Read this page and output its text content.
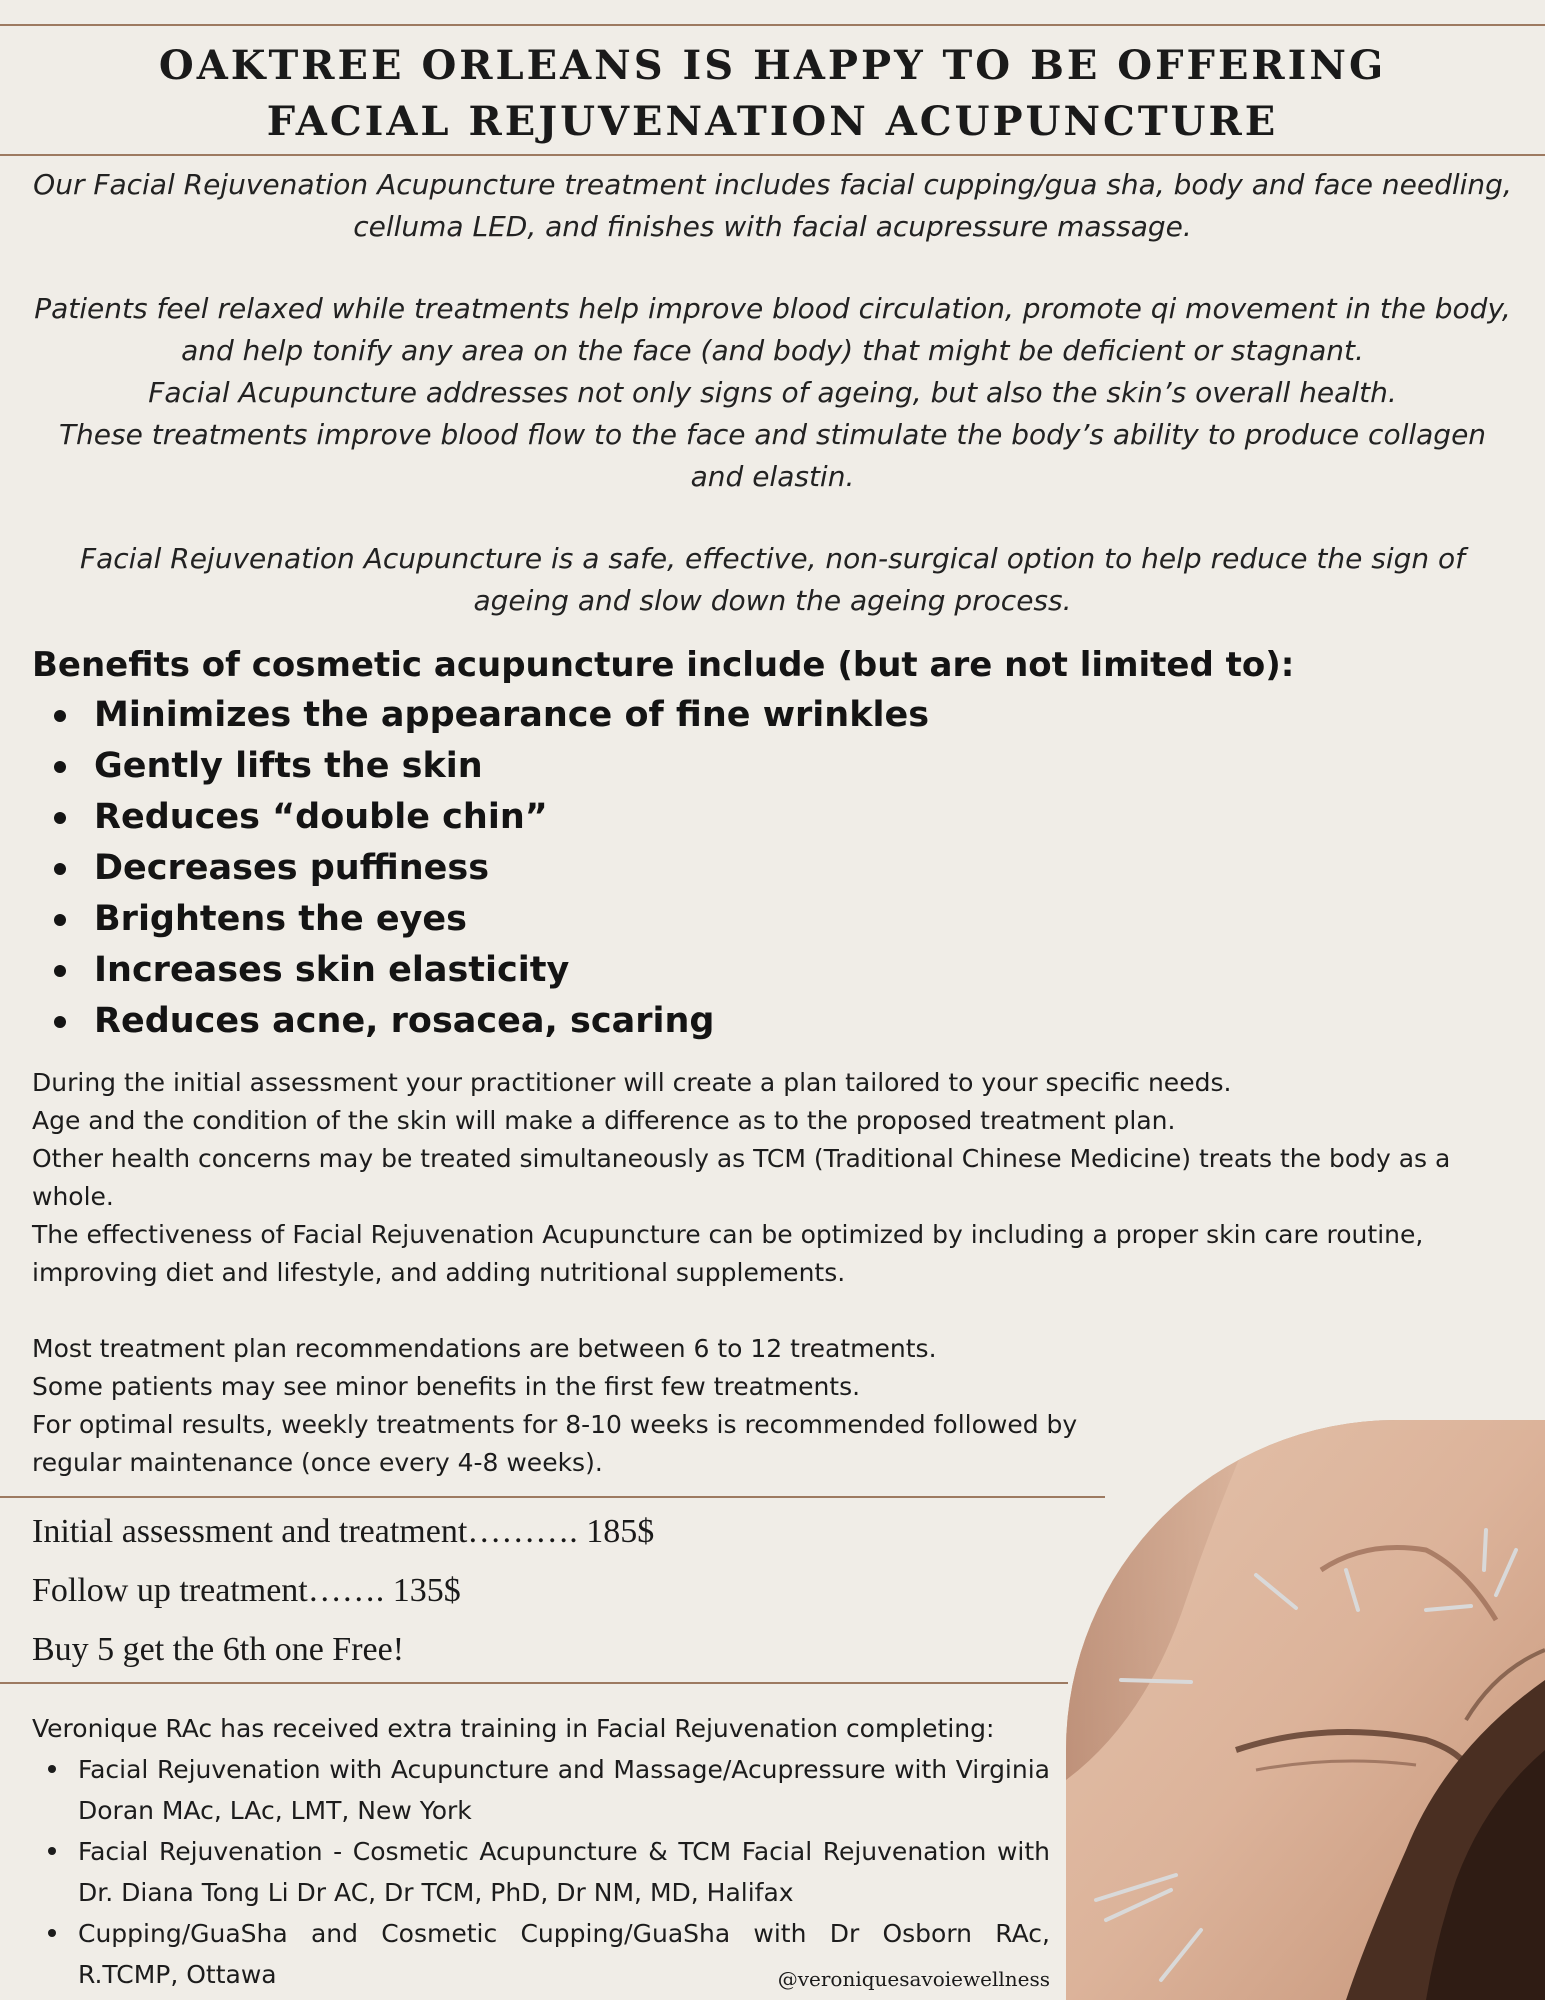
OAKTREE ORLEANS IS HAPPY TO BE OFFERING
FACIAL REJUVENATION ACUPUNCTURE

Our Facial Rejuvenation Acupuncture treatment includes facial cupping/gua sha, body and face needling, celluma LED, and finishes with facial acupressure massage.

Patients feel relaxed while treatments help improve blood circulation, promote qi movement in the body, and help tonify any area on the face (and body) that might be deficient or stagnant.
Facial Acupuncture addresses not only signs of ageing, but also the skin’s overall health.
These treatments improve blood flow to the face and stimulate the body’s ability to produce collagen and elastin.

Facial Rejuvenation Acupuncture is a safe, effective, non-surgical option to help reduce the sign of ageing and slow down the ageing process.

Benefits of cosmetic acupuncture include (but are not limited to):
Minimizes the appearance of fine wrinkles
Gently lifts the skin
Reduces “double chin”
Decreases puffiness
Brightens the eyes
Increases skin elasticity
Reduces acne, rosacea, scaring

During the initial assessment your practitioner will create a plan tailored to your specific needs.

Age and the condition of the skin will make a difference as to the proposed treatment plan.

Other health concerns may be treated simultaneously as TCM (Traditional Chinese Medicine) treats the body as a whole.

The effectiveness of Facial Rejuvenation Acupuncture can be optimized by including a proper skin care routine, improving diet and lifestyle, and adding nutritional supplements.

Most treatment plan recommendations are between 6 to 12 treatments.

Some patients may see minor benefits in the first few treatments.

For optimal results, weekly treatments for 8-10 weeks is recommended followed by

regular maintenance (once every 4-8 weeks).

Initial assessment and treatment………. 185$
Follow up treatment……. 135$
Buy 5 get the 6th one Free!

Veronique RAc has received extra training in Facial Rejuvenation completing:

Facial Rejuvenation with Acupuncture and Massage/Acupressure with Virginia Doran MAc, LAc, LMT, New York
Facial Rejuvenation - Cosmetic Acupuncture & TCM Facial Rejuvenation with Dr. Diana Tong Li Dr AC, Dr TCM, PhD, Dr NM, MD, Halifax
Cupping/GuaSha and Cosmetic Cupping/GuaSha with Dr Osborn RAc, R.TCMP, Ottawa	@veroniquesavoiewellness
